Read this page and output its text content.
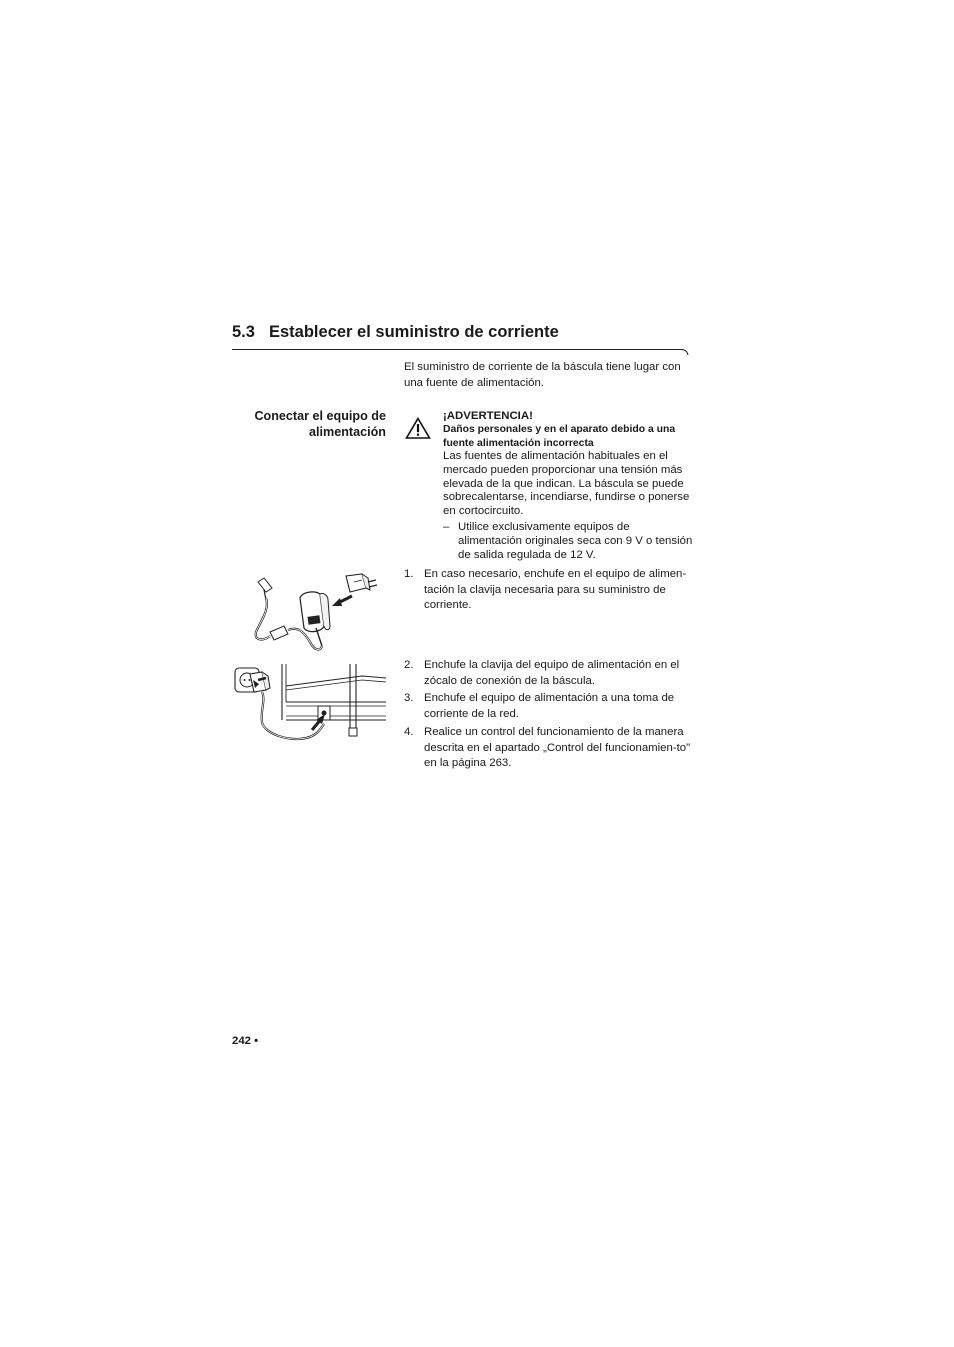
5.3 Establecer el suministro de corriente
El suministro de corriente de la báscula tiene lugar con una fuente de alimentación.
Conectar el equipo de alimentación
¡ADVERTENCIA!
Daños personales y en el aparato debido a una fuente alimentación incorrecta
Las fuentes de alimentación habituales en el mercado pueden proporcionar una tensión más elevada de la que indican. La báscula se puede sobrecalentarse, incendiarse, fundirse o ponerse en cortocircuito.
– Utilice exclusivamente equipos de alimentación originales seca con 9 V o tensión de salida regulada de 12 V.
1. En caso necesario, enchufe en el equipo de alimen-tación la clavija necesaria para su suministro de corriente.
2. Enchufe la clavija del equipo de alimentación en el zócalo de conexión de la báscula.
3. Enchufe el equipo de alimentación a una toma de corriente de la red.
4. Realice un control del funcionamiento de la manera descrita en el apartado „Control del funcionamien-to" en la página 263.
242 •
